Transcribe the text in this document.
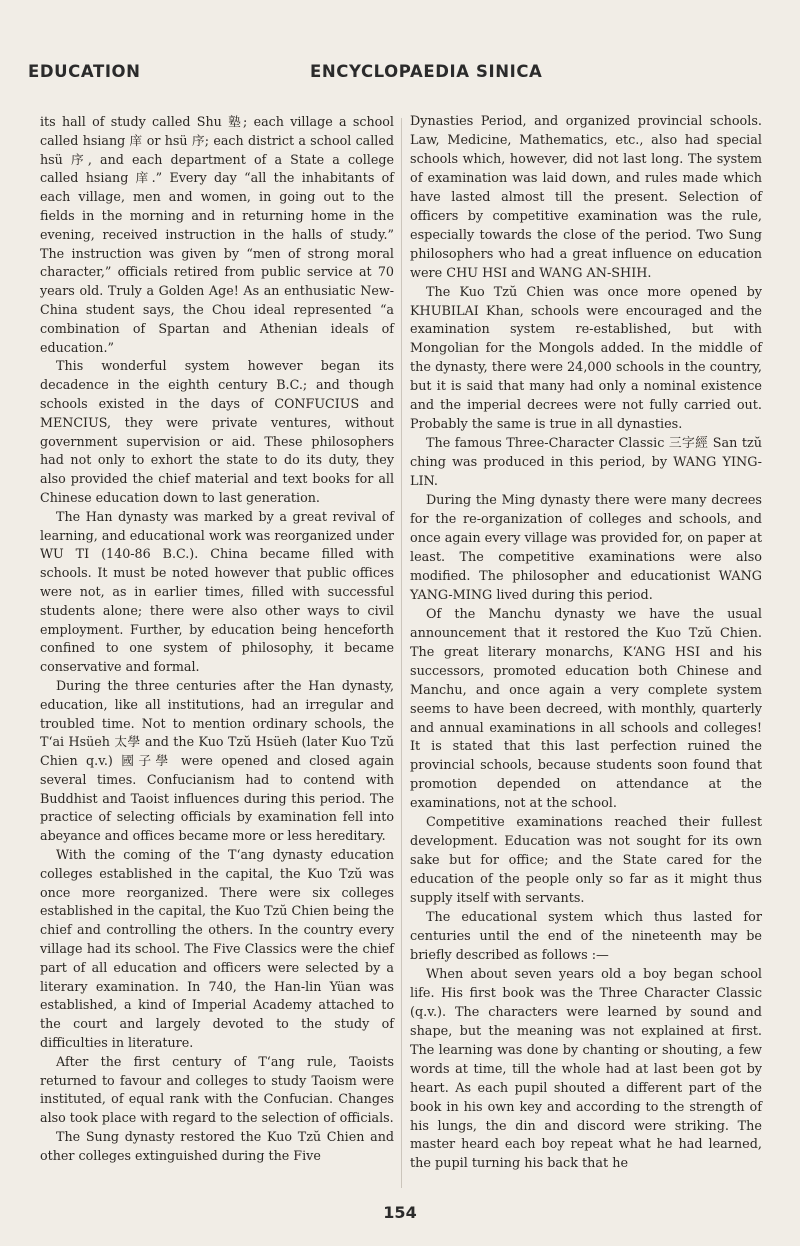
EDUCATION	ENCYCLOPAEDIA SINICA

its hall of study called Shu 塾; each village a school called hsiang 庠 or hsü 序; each district a school called hsü 序, and each department of a State a college called hsiang 庠.” Every day “all the inhabitants of each village, men and women, in going out to the fields in the morning and in returning home in the evening, received instruction in the halls of study.” The instruction was given by “men of strong moral character,” officials retired from public service at 70 years old. Truly a Golden Age! As an enthusiatic New-China student says, the Chou ideal represented “a combination of Spartan and Athenian ideals of education.”

This wonderful system however began its decadence in the eighth century B.C.; and though schools existed in the days of CONFUCIUS and MENCIUS, they were private ventures, without government supervision or aid. These philosophers had not only to exhort the state to do its duty, they also provided the chief material and text books for all Chinese education down to last generation.

The Han dynasty was marked by a great revival of learning, and educational work was reorganized under WU TI (140-86 B.C.). China became filled with schools. It must be noted however that public offices were not, as in earlier times, filled with successful students alone; there were also other ways to civil employment. Further, by education being henceforth confined to one system of philosophy, it became conservative and formal.

During the three centuries after the Han dynasty, education, like all institutions, had an irregular and troubled time. Not to mention ordinary schools, the T‘ai Hsüeh 太學 and the Kuo Tzŭ Hsüeh (later Kuo Tzŭ Chien q.v.) 國子學 were opened and closed again several times. Confucianism had to contend with Buddhist and Taoist influences during this period. The practice of selecting officials by examination fell into abeyance and offices became more or less hereditary.

With the coming of the T‘ang dynasty education colleges established in the capital, the Kuo Tzŭ was once more reorganized. There were six colleges established in the capital, the Kuo Tzŭ Chien being the chief and controlling the others. In the country every village had its school. The Five Classics were the chief part of all education and officers were selected by a literary examination. In 740, the Han-lin Yüan was established, a kind of Imperial Academy attached to the court and largely devoted to the study of difficulties in literature.

After the first century of T‘ang rule, Taoists returned to favour and colleges to study Taoism were instituted, of equal rank with the Confucian. Changes also took place with regard to the selection of officials.

The Sung dynasty restored the Kuo Tzŭ Chien and other colleges extinguished during the Five

Dynasties Period, and organized provincial schools. Law, Medicine, Mathematics, etc., also had special schools which, however, did not last long. The system of examination was laid down, and rules made which have lasted almost till the present. Selection of officers by competitive examination was the rule, especially towards the close of the period. Two Sung philosophers who had a great influence on education were CHU HSI and WANG AN-SHIH.

The Kuo Tzŭ Chien was once more opened by KHUBILAI Khan, schools were encouraged and the examination system re-established, but with Mongolian for the Mongols added. In the middle of the dynasty, there were 24,000 schools in the country, but it is said that many had only a nominal existence and the imperial decrees were not fully carried out. Probably the same is true in all dynasties.

The famous Three-Character Classic 三字經 San tzŭ ching was produced in this period, by WANG YING-LIN.

During the Ming dynasty there were many decrees for the re-organization of colleges and schools, and once again every village was provided for, on paper at least. The competitive examinations were also modified. The philosopher and educationist WANG YANG-MING lived during this period.

Of the Manchu dynasty we have the usual announcement that it restored the Kuo Tzŭ Chien. The great literary monarchs, K‘ANG HSI and his successors, promoted education both Chinese and Manchu, and once again a very complete system seems to have been decreed, with monthly, quarterly and annual examinations in all schools and colleges! It is stated that this last perfection ruined the provincial schools, because students soon found that promotion depended on attendance at the examinations, not at the school.

Competitive examinations reached their fullest development. Education was not sought for its own sake but for office; and the State cared for the education of the people only so far as it might thus supply itself with servants.

The educational system which thus lasted for centuries until the end of the nineteenth may be briefly described as follows :—

When about seven years old a boy began school life. His first book was the Three Character Classic (q.v.). The characters were learned by sound and shape, but the meaning was not explained at first. The learning was done by chanting or shouting, a few words at time, till the whole had at last been got by heart. As each pupil shouted a different part of the book in his own key and according to the strength of his lungs, the din and discord were striking. The master heard each boy repeat what he had learned, the pupil turning his back that he

154
